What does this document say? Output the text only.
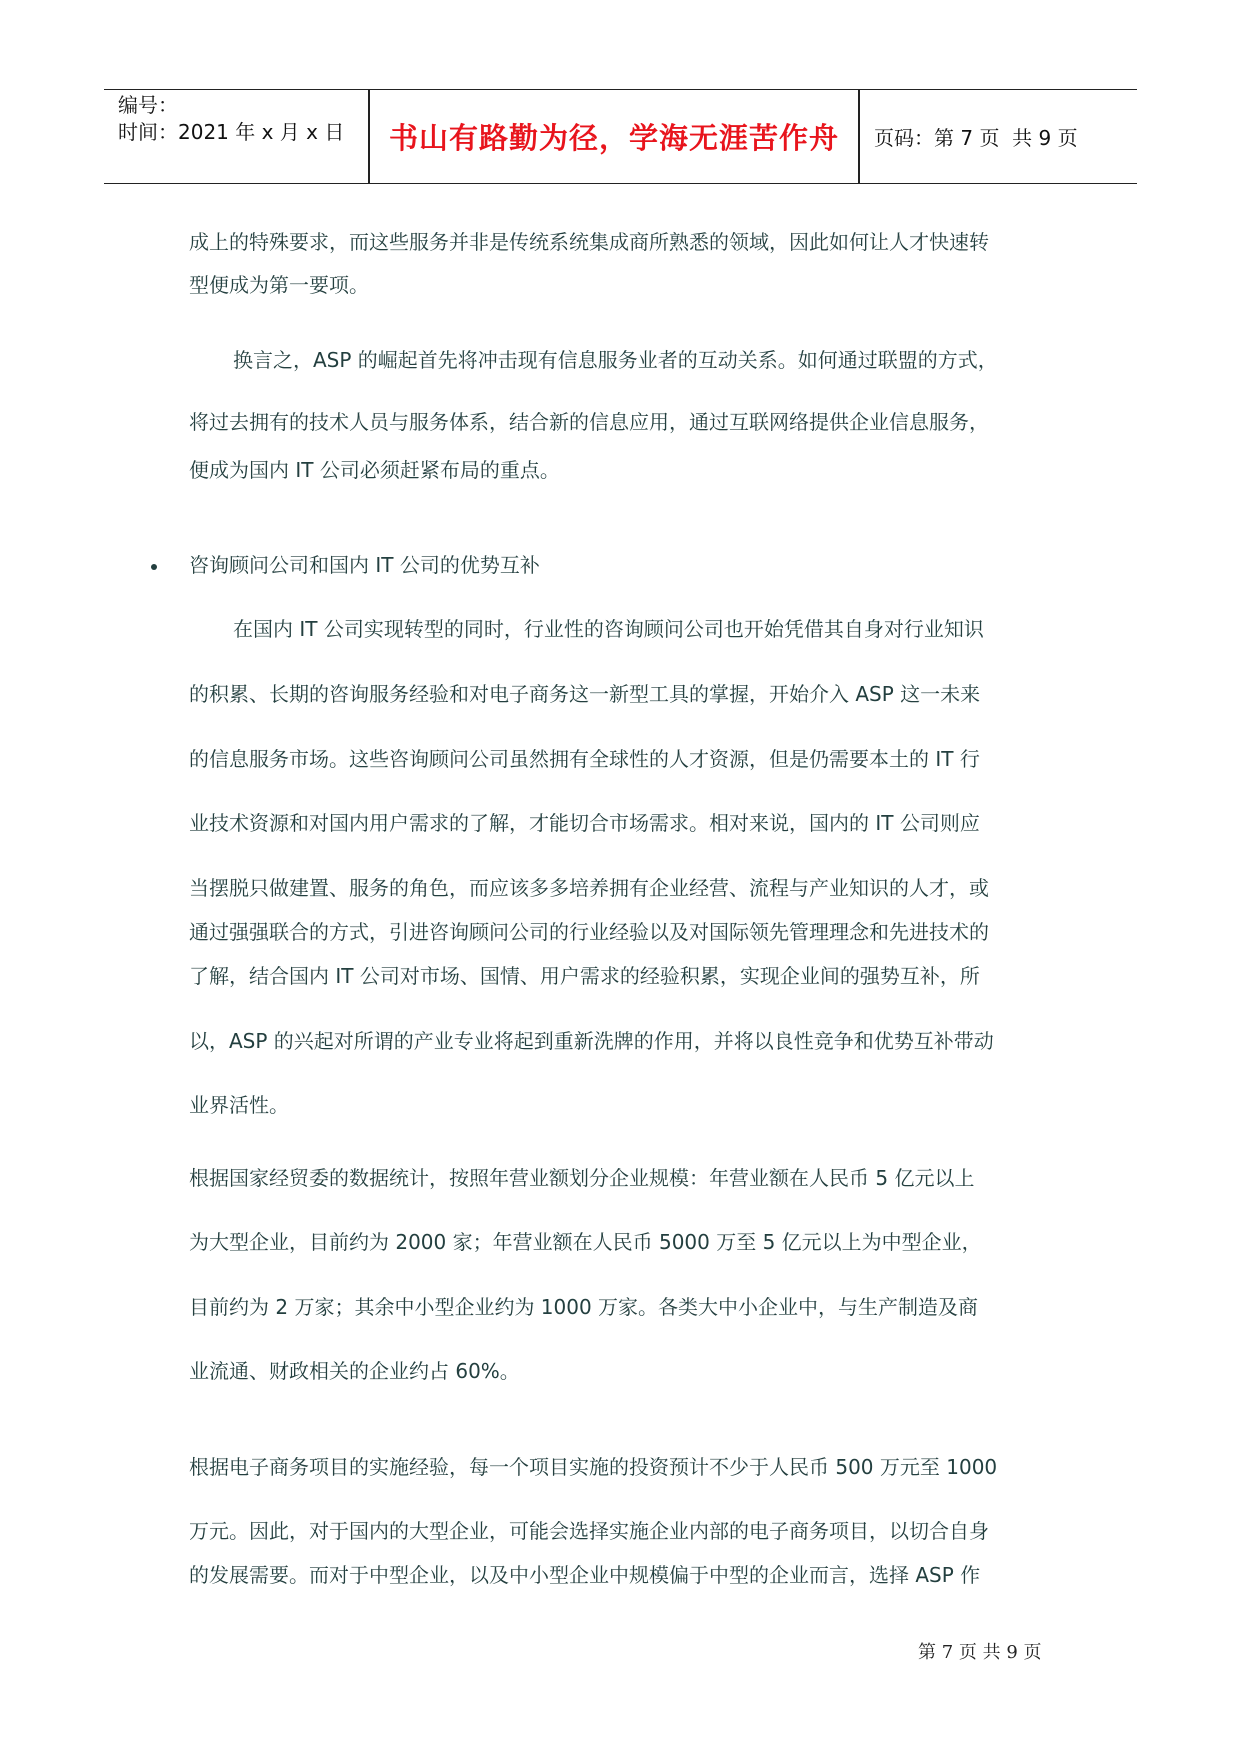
编号：
时间：2021 年 x 月 x 日	书山有路勤为径，学海无涯苦作舟	页码：第 7 页  共 9 页
成上的特殊要求，而这些服务并非是传统系统集成商所熟悉的领域，因此如何让人才快速转
型便成为第一要项。
换言之，ASP 的崛起首先将冲击现有信息服务业者的互动关系。如何通过联盟的方式，
将过去拥有的技术人员与服务体系，结合新的信息应用，通过互联网络提供企业信息服务，
便成为国内 IT 公司必须赶紧布局的重点。
咨询顾问公司和国内 IT 公司的优势互补
在国内 IT 公司实现转型的同时，行业性的咨询顾问公司也开始凭借其自身对行业知识
的积累、长期的咨询服务经验和对电子商务这一新型工具的掌握，开始介入 ASP 这一未来
的信息服务市场。这些咨询顾问公司虽然拥有全球性的人才资源，但是仍需要本土的 IT 行
业技术资源和对国内用户需求的了解，才能切合市场需求。相对来说，国内的 IT 公司则应
当摆脱只做建置、服务的角色，而应该多多培养拥有企业经营、流程与产业知识的人才，或
通过强强联合的方式，引进咨询顾问公司的行业经验以及对国际领先管理理念和先进技术的
了解，结合国内 IT 公司对市场、国情、用户需求的经验积累，实现企业间的强势互补，所
以，ASP 的兴起对所谓的产业专业将起到重新洗牌的作用，并将以良性竞争和优势互补带动
业界活性。
根据国家经贸委的数据统计，按照年营业额划分企业规模：年营业额在人民币 5 亿元以上
为大型企业，目前约为 2000 家；年营业额在人民币 5000 万至 5 亿元以上为中型企业，
目前约为 2 万家；其余中小型企业约为 1000 万家。各类大中小企业中，与生产制造及商
业流通、财政相关的企业约占 60%。
根据电子商务项目的实施经验，每一个项目实施的投资预计不少于人民币 500 万元至 1000
万元。因此，对于国内的大型企业，可能会选择实施企业内部的电子商务项目，以切合自身
的发展需要。而对于中型企业，以及中小型企业中规模偏于中型的企业而言，选择 ASP 作
第 7 页 共 9 页
